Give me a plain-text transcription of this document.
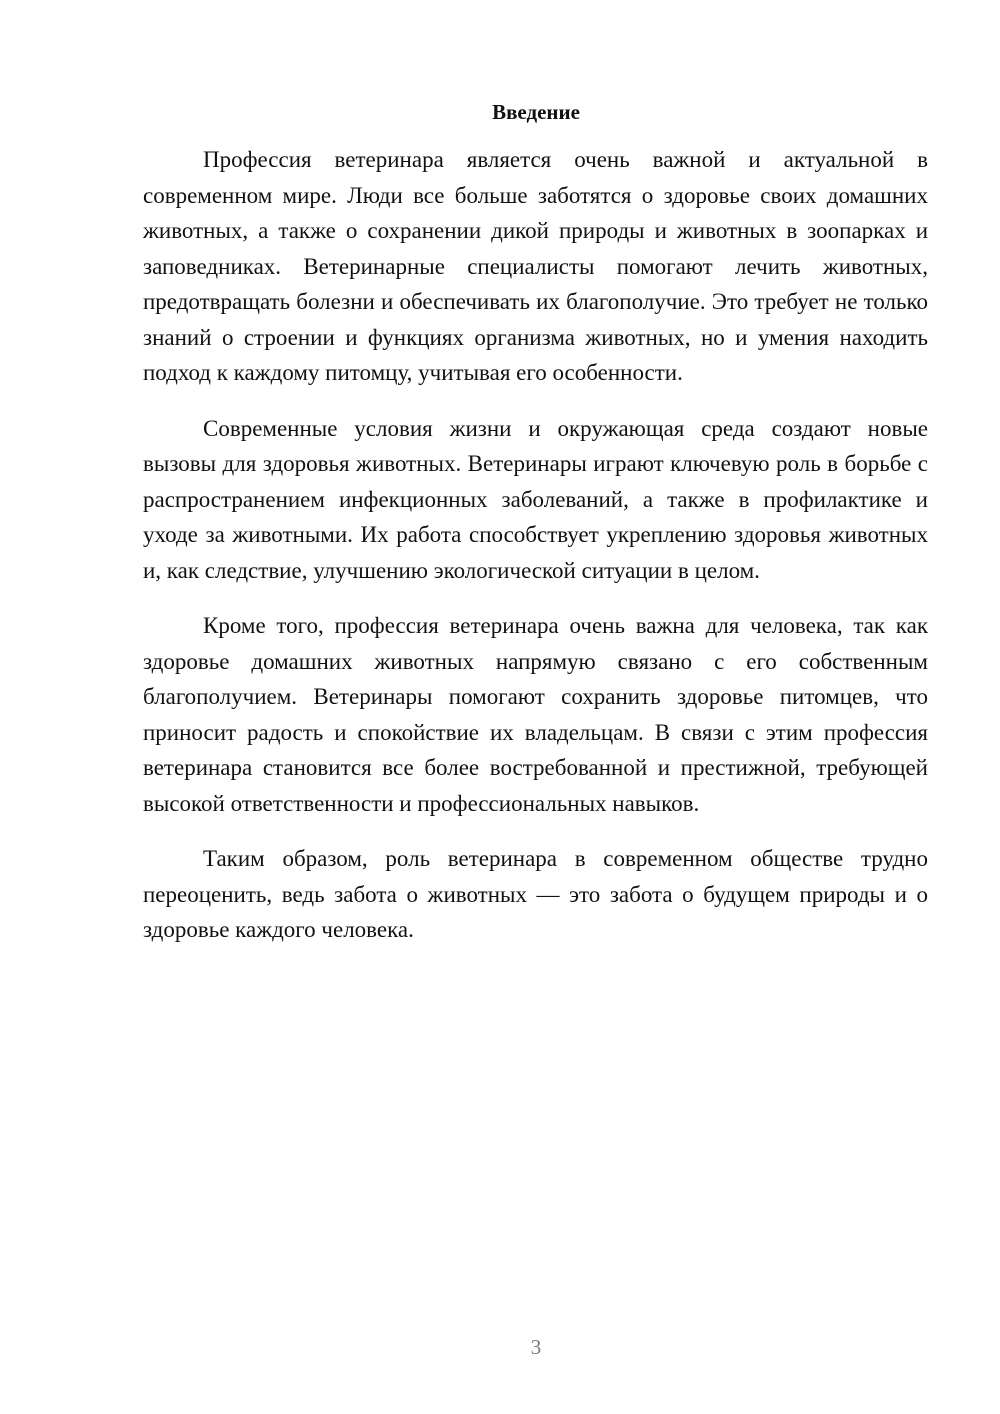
Введение

Профессия ветеринара является очень важной и актуальной в современном мире. Люди все больше заботятся о здоровье своих домашних животных, а также о сохранении дикой природы и животных в зоопарках и заповедниках. Ветеринарные специалисты помогают лечить животных, предотвращать болезни и обеспечивать их благополучие. Это требует не только знаний о строении и функциях организма животных, но и умения находить подход к каждому питомцу, учитывая его особенности.

Современные условия жизни и окружающая среда создают новые вызовы для здоровья животных. Ветеринары играют ключевую роль в борьбе с распространением инфекционных заболеваний, а также в профилактике и уходе за животными. Их работа способствует укреплению здоровья животных и, как следствие, улучшению экологической ситуации в целом.

Кроме того, профессия ветеринара очень важна для человека, так как здоровье домашних животных напрямую связано с его собственным благополучием. Ветеринары помогают сохранить здоровье питомцев, что приносит радость и спокойствие их владельцам. В связи с этим профессия ветеринара становится все более востребованной и престижной, требующей высокой ответственности и профессиональных навыков.

Таким образом, роль ветеринара в современном обществе трудно переоценить, ведь забота о животных — это забота о будущем природы и о здоровье каждого человека.

3
